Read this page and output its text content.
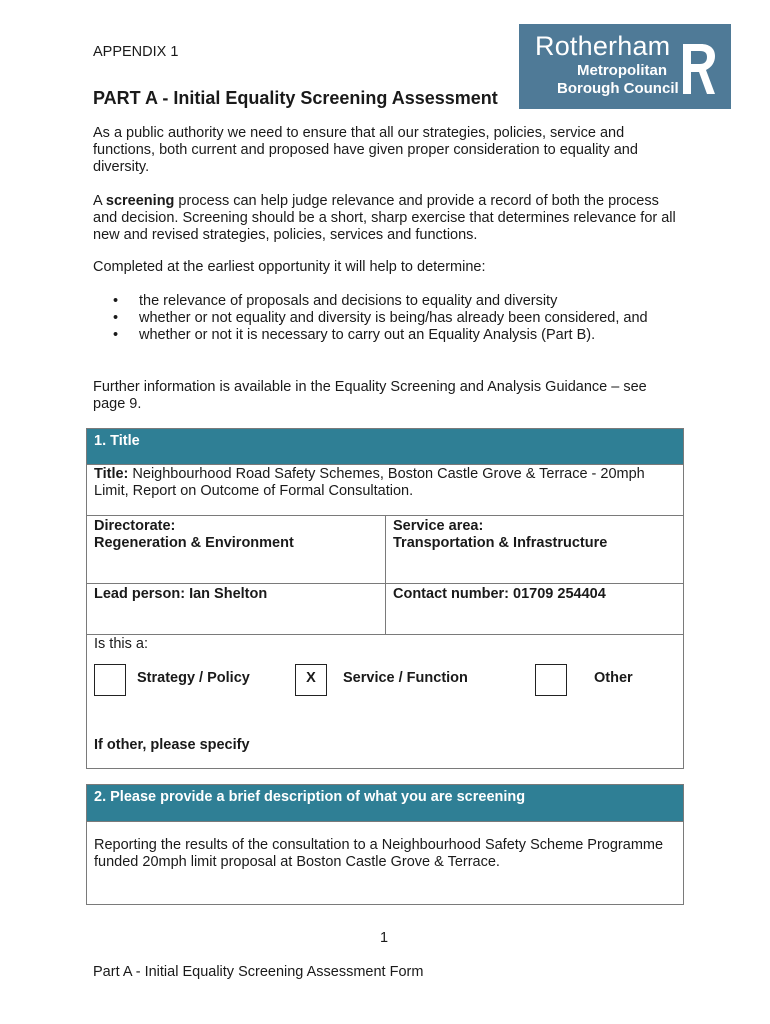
APPENDIX 1	Rotherham
Metropolitan
Borough Council
PART A - Initial Equality Screening Assessment
As a public authority we need to ensure that all our strategies, policies, service and functions, both current and proposed have given proper consideration to equality and diversity.
A screening process can help judge relevance and provide a record of both the process and decision. Screening should be a short, sharp exercise that determines relevance for all new and revised strategies, policies, services and functions.
Completed at the earliest opportunity it will help to determine:
• the relevance of proposals and decisions to equality and diversity
• whether or not equality and diversity is being/has already been considered, and
• whether or not it is necessary to carry out an Equality Analysis (Part B).
Further information is available in the Equality Screening and Analysis Guidance – see page 9.
1. Title
Title: Neighbourhood Road Safety Schemes, Boston Castle Grove & Terrace - 20mph Limit, Report on Outcome of Formal Consultation.
Directorate:
Regeneration & Environment
Service area:
Transportation & Infrastructure
Lead person: Ian Shelton	Contact number: 01709 254404
Is this a:
Strategy / Policy	X	Service / Function	Other
If other, please specify
2. Please provide a brief description of what you are screening
Reporting the results of the consultation to a Neighbourhood Safety Scheme Programme funded 20mph limit proposal at Boston Castle Grove & Terrace.
1
Part A - Initial Equality Screening Assessment Form
